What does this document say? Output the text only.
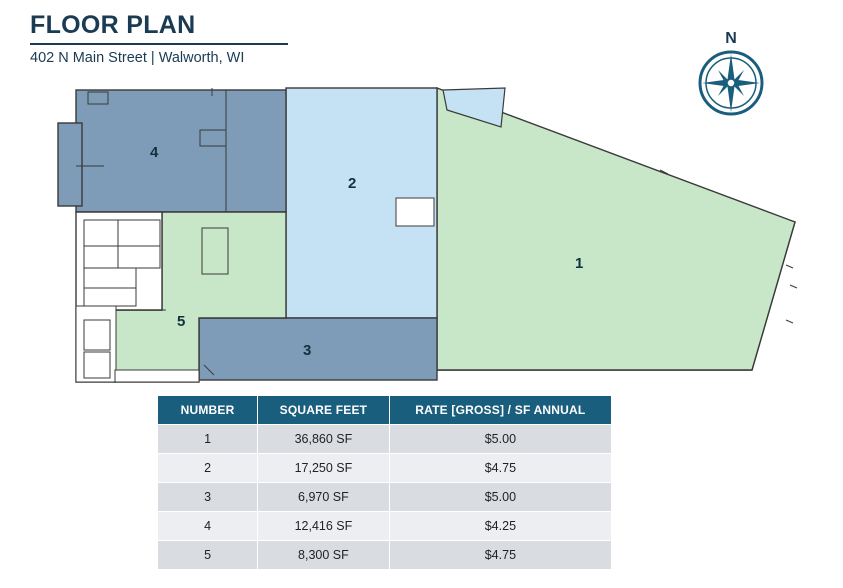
FLOOR PLAN
402 N Main Street | Walworth, WI
N
1
2
3
4
5
NUMBER	SQUARE FEET	RATE [GROSS] / SF ANNUAL
1	36,860 SF	$5.00
2	17,250 SF	$4.75
3	6,970 SF	$5.00
4	12,416 SF	$4.25
5	8,300 SF	$4.75
